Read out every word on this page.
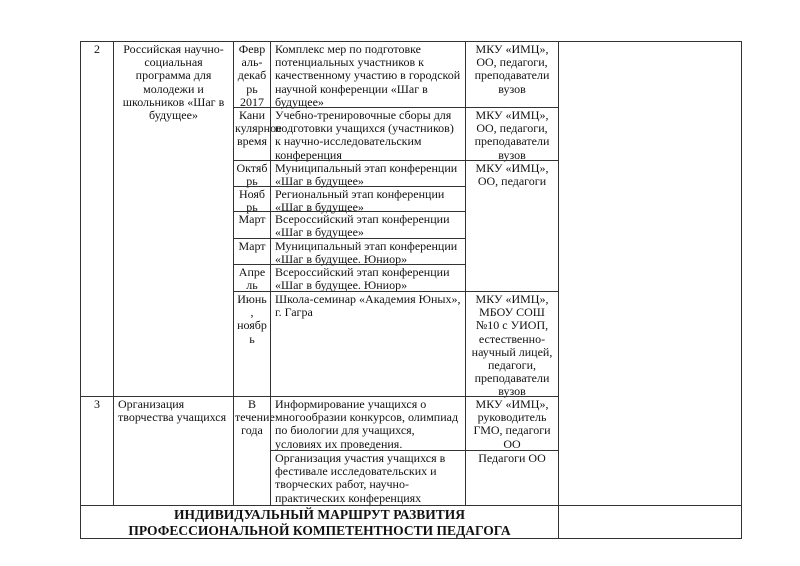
2	Российская научно-социальная программа для молодежи и школьников «Шаг в будущее»
Февр аль-декаб рь 2017
Комплекс мер по подготовке потенциальных участников к качественному участию в городской научной конференции «Шаг в будущее»
МКУ «ИМЦ», ОО, педагоги, преподаватели вузов
Кани кулярное время
Учебно-тренировочные сборы для подготовки учащихся (участников) к научно-исследовательским конференция
МКУ «ИМЦ», ОО, педагоги, преподаватели вузов
Октяб рь
Муниципальный этап конференции «Шаг в будущее»
МКУ «ИМЦ», ОО, педагоги
Нояб рь
Региональный этап конференции «Шаг в будущее»
Март Всероссийский этап конференции «Шаг в будущее»
Март Муниципальный этап конференции «Шаг в будущее. Юниор»
Апре ль
Всероссийский этап конференции «Шаг в будущее. Юниор»
Июнь , ноябр ь
Школа-семинар «Академия Юных», г. Гагра
МКУ «ИМЦ», МБОУ СОШ №10 с УИОП, естественно-научный лицей, педагоги, преподаватели вузов
3	Организация творчества учащихся
В течение года
Информирование учащихся о многообразии конкурсов, олимпиад по биологии для учащихся, условиях их проведения.
МКУ «ИМЦ», руководитель ГМО, педагоги ОО
Организация участия учащихся в фестивале исследовательских и творческих работ, научно-практических конференциях
Педагоги ОО
ИНДИВИДУАЛЬНЫЙ МАРШРУТ РАЗВИТИЯ
ПРОФЕССИОНАЛЬНОЙ КОМПЕТЕНТНОСТИ ПЕДАГОГА
